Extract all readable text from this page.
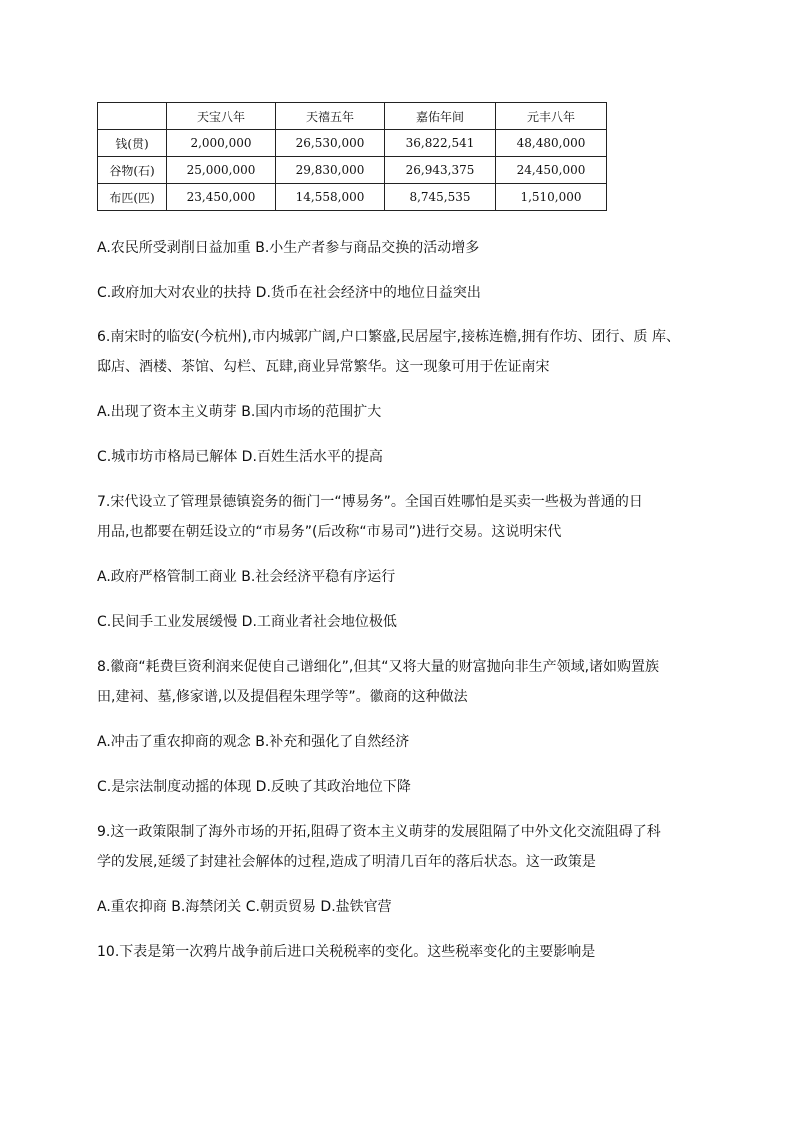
	天宝八年	天禧五年	嘉佑年间	元丰八年
钱(贯)	2,000,000	26,530,000	36,822,541	48,480,000
谷物(石)	25,000,000	29,830,000	26,943,375	24,450,000
布匹(匹)	23,450,000	14,558,000	8,745,535	1,510,000
A.农民所受剥削日益加重 B.小生产者参与商品交换的活动增多
C.政府加大对农业的扶持 D.货币在社会经济中的地位日益突出
6.南宋时的临安(今杭州),市内城郭广阔,户口繁盛,民居屋宇,接栋连檐,拥有作坊、团行、质 库、
邸店、酒楼、茶馆、勾栏、瓦肆,商业异常繁华。这一现象可用于佐证南宋
A.出现了资本主义萌芽 B.国内市场的范围扩大
C.城市坊市格局已解体 D.百姓生活水平的提高
7.宋代设立了管理景德镇瓷务的衙门一“博易务”。全国百姓哪怕是买卖一些极为普通的日
用品,也都要在朝廷设立的“市易务”(后改称“市易司”)进行交易。这说明宋代
A.政府严格管制工商业 B.社会经济平稳有序运行
C.民间手工业发展缓慢 D.工商业者社会地位极低
8.徽商“耗费巨资利润来促使自己谱细化”,但其“又将大量的财富抛向非生产领域,诸如购置族
田,建祠、墓,修家谱,以及提倡程朱理学等”。徽商的这种做法
A.冲击了重农抑商的观念 B.补充和强化了自然经济
C.是宗法制度动摇的体现 D.反映了其政治地位下降
9.这一政策限制了海外市场的开拓,阻碍了资本主义萌芽的发展阻隔了中外文化交流阻碍了科
学的发展,延缓了封建社会解体的过程,造成了明清几百年的落后状态。这一政策是
A.重农抑商 B.海禁闭关 C.朝贡贸易 D.盐铁官营
10.下表是第一次鸦片战争前后进口关税税率的变化。这些税率变化的主要影响是
